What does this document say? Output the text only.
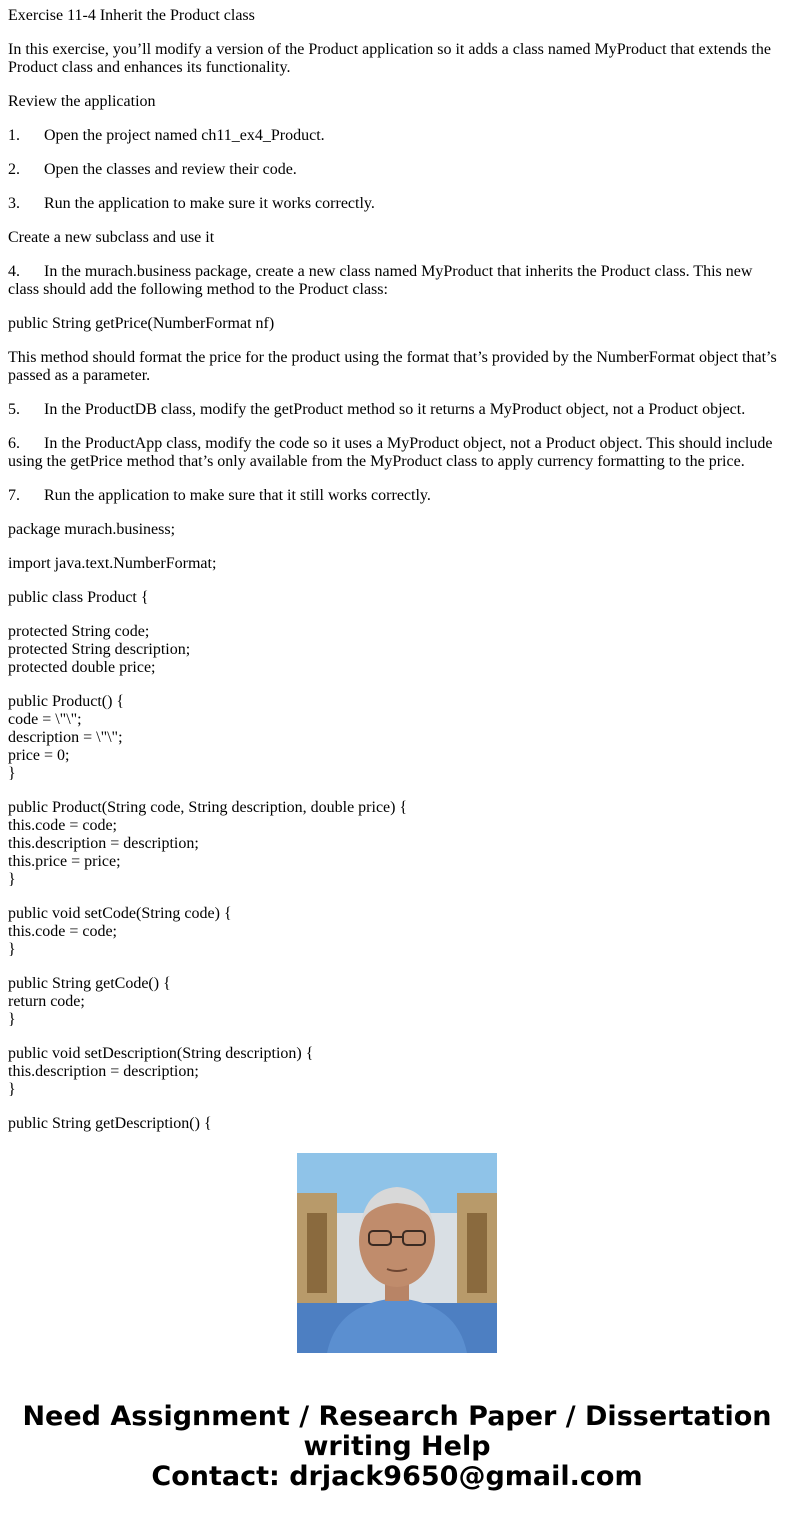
Exercise 11-4 Inherit the Product class

In this exercise, you’ll modify a version of the Product application so it adds a class named MyProduct that extends the Product class and enhances its functionality.

Review the application

1. Open the project named ch11_ex4_Product.

2. Open the classes and review their code.

3. Run the application to make sure it works correctly.

Create a new subclass and use it

4. In the murach.business package, create a new class named MyProduct that inherits the Product class. This new class should add the following method to the Product class:

public String getPrice(NumberFormat nf)

This method should format the price for the product using the format that’s provided by the NumberFormat object that’s passed as a parameter.

5. In the ProductDB class, modify the getProduct method so it returns a MyProduct object, not a Product object.

6. In the ProductApp class, modify the code so it uses a MyProduct object, not a Product object. This should include using the getPrice method that’s only available from the MyProduct class to apply currency formatting to the price.

7. Run the application to make sure that it still works correctly.

package murach.business;

import java.text.NumberFormat;

public class Product {

protected String code;
protected String description;
protected double price;

public Product() {
code = \"\";
description = \"\";
price = 0;
}

public Product(String code, String description, double price) {
this.code = code;
this.description = description;
this.price = price;
}

public void setCode(String code) {
this.code = code;
}

public String getCode() {
return code;
}

public void setDescription(String description) {
this.description = description;
}

public String getDescription() {

Need Assignment / Research Paper / Dissertation
writing Help
Contact: drjack9650@gmail.com
